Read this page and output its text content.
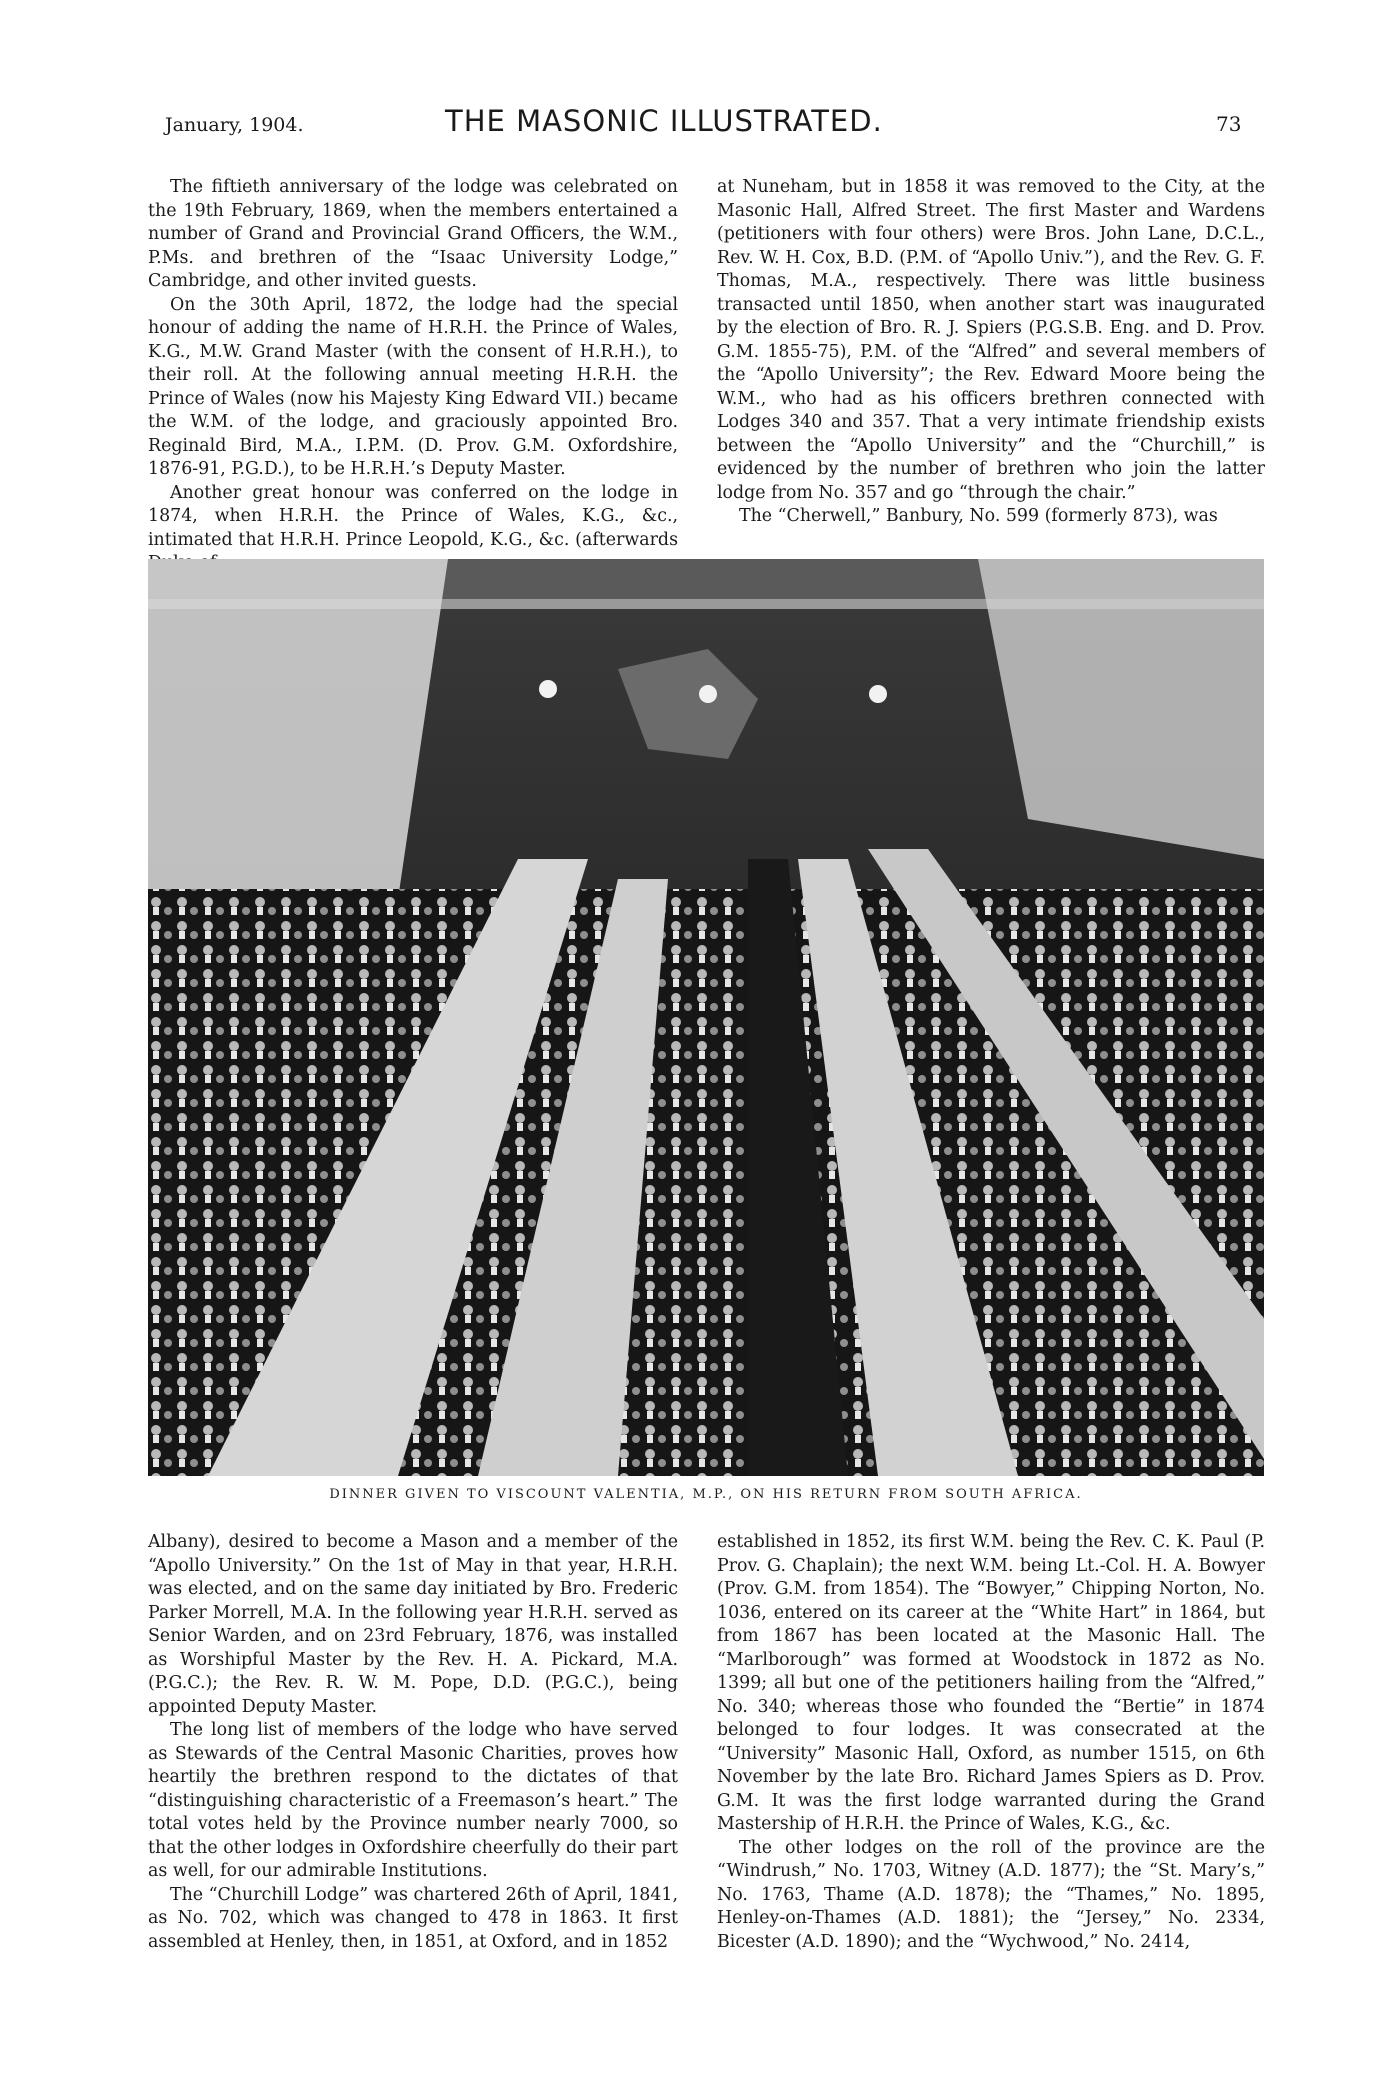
January, 1904.	THE MASONIC ILLUSTRATED.	73

The fiftieth anniversary of the lodge was celebrated on the 19th February, 1869, when the members entertained a number of Grand and Provincial Grand Officers, the W.M., P.Ms. and brethren of the “Isaac University Lodge,” Cambridge, and other invited guests.

On the 30th April, 1872, the lodge had the special honour of adding the name of H.R.H. the Prince of Wales, K.G., M.W. Grand Master (with the consent of H.R.H.), to their roll. At the following annual meeting H.R.H. the Prince of Wales (now his Majesty King Edward VII.) became the W.M. of the lodge, and graciously appointed Bro. Reginald Bird, M.A., I.P.M. (D. Prov. G.M. Oxfordshire, 1876-91, P.G.D.), to be H.R.H.’s Deputy Master.

Another great honour was conferred on the lodge in 1874, when H.R.H. the Prince of Wales, K.G., &c., intimated that H.R.H. Prince Leopold, K.G., &c. (afterwards

at Nuneham, but in 1858 it was removed to the City, at the Masonic Hall, Alfred Street. The first Master and Wardens (petitioners with four others) were Bros. John Lane, D.C.L., Rev. W. H. Cox, B.D. (P.M. of “Apollo Univ.”), and the Rev. G. F. Thomas, M.A., respectively. There was little business transacted until 1850, when another start was inaugurated by the election of Bro. R. J. Spiers (P.G.S.B. Eng. and D. Prov. G.M. 1855-75), P.M. of the “Alfred” and several members of the “Apollo University”; the Rev. Edward Moore being the W.M., who had as his officers brethren connected with Lodges 340 and 357. That a very intimate friendship exists between the “Apollo University” and the “Churchill,” is evidenced by the number of brethren who join the latter lodge from No. 357 and go “through the chair.”

The “Cherwell,” Banbury, No. 599 (formerly 873), was

DINNER GIVEN TO VISCOUNT VALENTIA, M.P., ON HIS RETURN FROM SOUTH AFRICA.

Albany), desired to become a Mason and a member of the “Apollo University.” On the 1st of May in that year, H.R.H. was elected, and on the same day initiated by Bro. Frederic Parker Morrell, M.A. In the following year H.R.H. served as Senior Warden, and on 23rd February, 1876, was installed as Worshipful Master by the Rev. H. A. Pickard, M.A. (P.G.C.); the Rev. R. W. M. Pope, D.D. (P.G.C.), being appointed Deputy Master.

The long list of members of the lodge who have served as Stewards of the Central Masonic Charities, proves how heartily the brethren respond to the dictates of that “distinguishing characteristic of a Freemason’s heart.” The total votes held by the Province number nearly 7000, so that the other lodges in Oxfordshire cheerfully do their part as well, for our admirable Institutions.

The “Churchill Lodge” was chartered 26th of April, 1841, as No. 702, which was changed to 478 in 1863. It first assembled at Henley, then, in 1851, at Oxford, and in 1852

established in 1852, its first W.M. being the Rev. C. K. Paul (P. Prov. G. Chaplain); the next W.M. being Lt.-Col. H. A. Bowyer (Prov. G.M. from 1854). The “Bowyer,” Chipping Norton, No. 1036, entered on its career at the “White Hart” in 1864, but from 1867 has been located at the Masonic Hall. The “Marlborough” was formed at Woodstock in 1872 as No. 1399; all but one of the petitioners hailing from the “Alfred,” No. 340; whereas those who founded the “Bertie” in 1874 belonged to four lodges. It was consecrated at the “University” Masonic Hall, Oxford, as number 1515, on 6th November by the late Bro. Richard James Spiers as D. Prov. G.M. It was the first lodge warranted during the Grand Mastership of H.R.H. the Prince of Wales, K.G., &c.

The other lodges on the roll of the province are the “Windrush,” No. 1703, Witney (A.D. 1877); the “St. Mary’s,” No. 1763, Thame (A.D. 1878); the “Thames,” No. 1895, Henley-on-Thames (A.D. 1881); the “Jersey,” No. 2334, Bicester (A.D. 1890); and the “Wychwood,” No. 2414,
